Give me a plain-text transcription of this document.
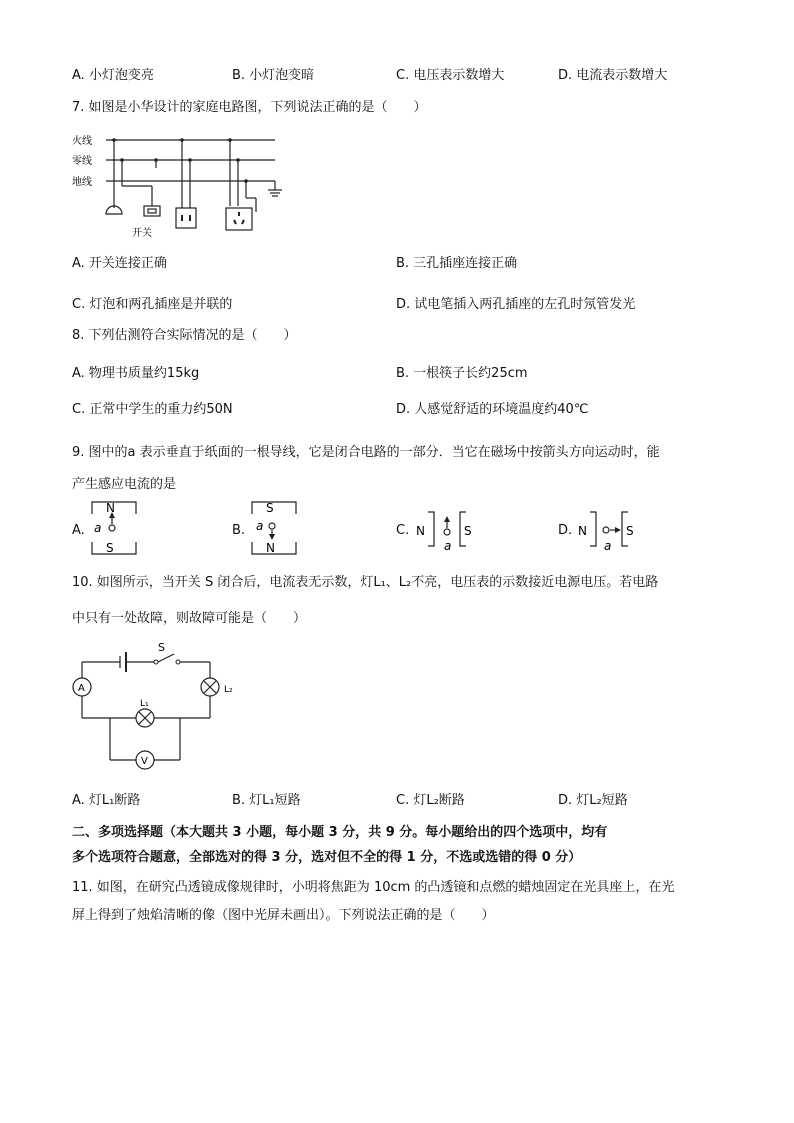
A. 小灯泡变亮	B. 小灯泡变暗	C. 电压表示数增大	D. 电流表示数增大
7. 如图是小华设计的家庭电路图，下列说法正确的是（　　）
火线
零线
地线
开关
A. 开关连接正确	B. 三孔插座连接正确
C. 灯泡和两孔插座是并联的	D. 试电笔插入两孔插座的左孔时氖管发光
8. 下列估测符合实际情况的是（　　）
A. 物理书质量约15kg	B. 一根筷子长约25cm
C. 正常中学生的重力约50N	D. 人感觉舒适的环境温度约40℃
9. 图中的a 表示垂直于纸面的一根导线，它是闭合电路的一部分．当它在磁场中按箭头方向运动时，能
产生感应电流的是
A.
N
S
a	B.
S
N
a	C. N	S
a
D. N	S
a
10. 如图所示，当开关 S 闭合后，电流表无示数，灯L₁、L₂不亮，电压表的示数接近电源电压。若电路
中只有一处故障，则故障可能是（　　）
S
A
V
L₁
L₂
A. 灯L₁断路	B. 灯L₁短路	C. 灯L₂断路	D. 灯L₂短路
二、多项选择题（本大题共 3 小题，每小题 3 分，共 9 分。每小题给出的四个选项中，均有
多个选项符合题意，全部选对的得 3 分，选对但不全的得 1 分，不选或选错的得 0 分）
11. 如图，在研究凸透镜成像规律时，小明将焦距为 10cm 的凸透镜和点燃的蜡烛固定在光具座上，在光
屏上得到了烛焰清晰的像（图中光屏未画出）。下列说法正确的是（　　）
